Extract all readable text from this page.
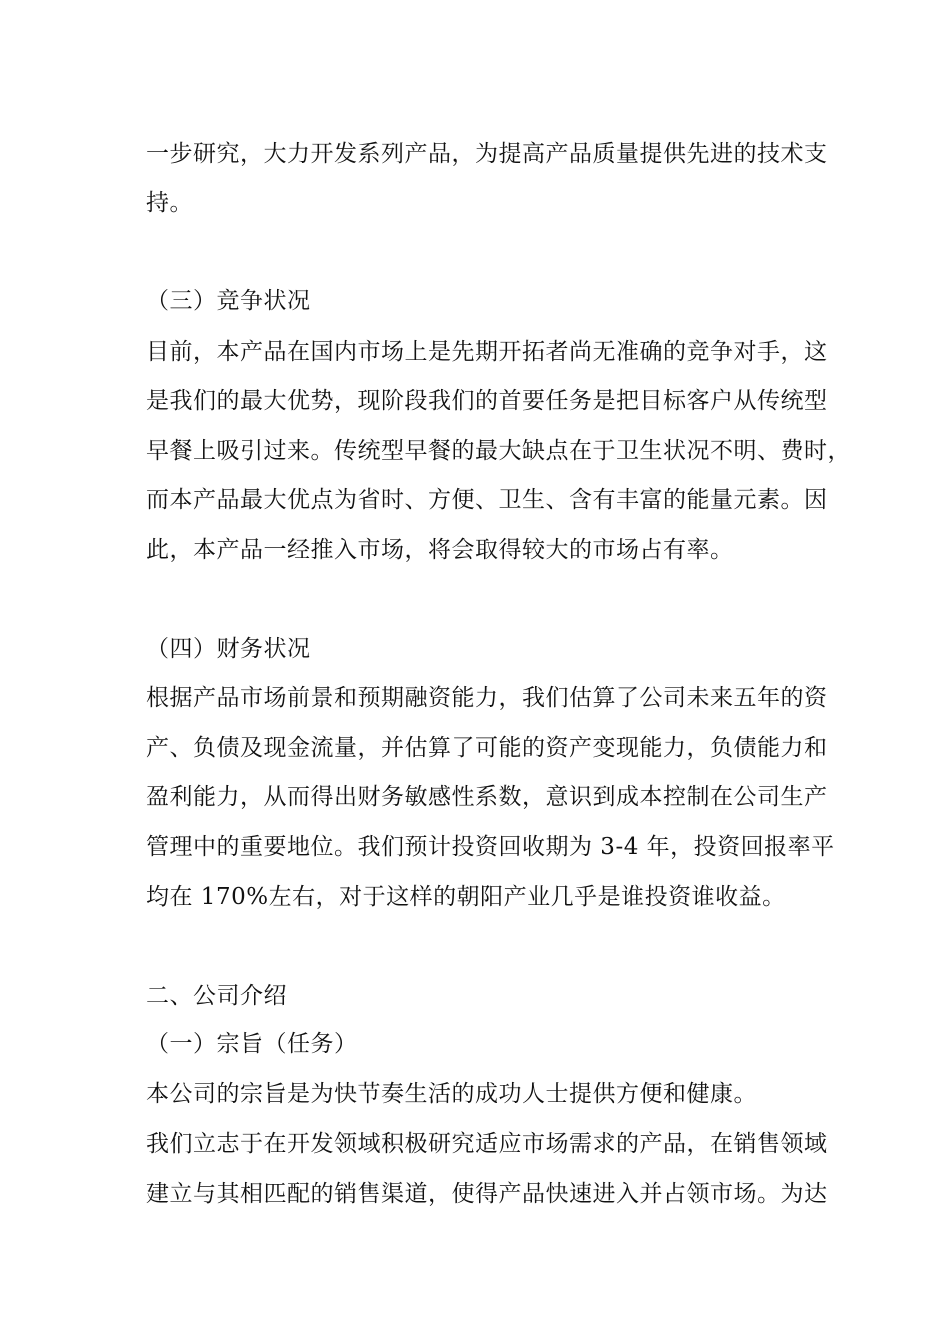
一步研究，大力开发系列产品，为提高产品质量提供先进的技术支
持。
（三）竞争状况
目前，本产品在国内市场上是先期开拓者尚无准确的竞争对手，这
是我们的最大优势，现阶段我们的首要任务是把目标客户从传统型
早餐上吸引过来。传统型早餐的最大缺点在于卫生状况不明、费时，
而本产品最大优点为省时、方便、卫生、含有丰富的能量元素。因
此，本产品一经推入市场，将会取得较大的市场占有率。
（四）财务状况
根据产品市场前景和预期融资能力，我们估算了公司未来五年的资
产、负债及现金流量，并估算了可能的资产变现能力，负债能力和
盈利能力，从而得出财务敏感性系数，意识到成本控制在公司生产
管理中的重要地位。我们预计投资回收期为 3-4 年，投资回报率平
均在 170%左右，对于这样的朝阳产业几乎是谁投资谁收益。
二、公司介绍
（一）宗旨（任务）
本公司的宗旨是为快节奏生活的成功人士提供方便和健康。
我们立志于在开发领域积极研究适应市场需求的产品，在销售领域
建立与其相匹配的销售渠道，使得产品快速进入并占领市场。为达
